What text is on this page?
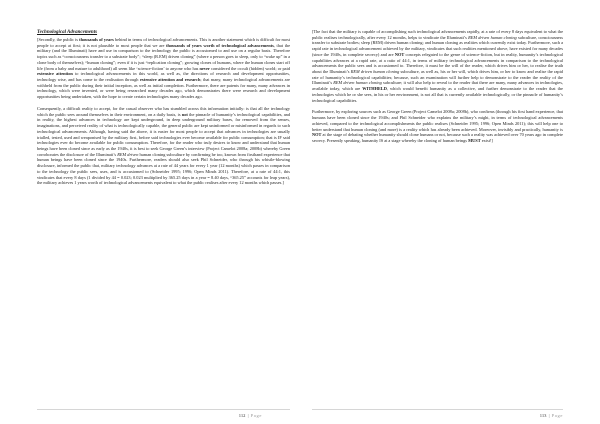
Technological Advancements

[Secondly, the public is thousands of years behind in terms of technological advancements. This is another statement which is difficult for most people to accept at first; it is not plausible to most people that we are thousands of years worth of technological advancements, that the military (and the Illuminati) have and use in comparison to the technology the public is accustomed to and use on a regular basis. Therefore topics such as “consciousness transfer to a substrate body”; “sleep (R.EM) driven cloning” (where a person goes to sleep, only to “wake up” in a clone body of themselves); “human cloning”; even if it is just “replication cloning”; growing clones of humans, where the human clones start off life (from a baby and mature to adulthood) all seem like ‘science-fiction’ to anyone who has never considered the occult (hidden) world; or paid extensive attention to technological advancements in this world, as well as, the directions of research and development opportunities, technology wise, and has come to the realisation through extensive attention and research; that many, many technological advancements are withheld from the public during their initial inception, as well as initial completion. Furthermore, there are patents for many, many advances in technology, which were invented, or were being researched many decades ago, which demonstrates there were research and development opportunities being undertaken, with the hope to create certain technologies many decades ago.

Consequently, a difficult reality to accept, for the casual observer who has stumbled across this information initially: is that all the technology which the public sees around themselves in their environment, on a daily basis, is not the pinnacle of humanity’s technological capabilities, and in reality, the highest advances in technology are kept underground, in deep underground military bases, far removed from the senses, imaginations, and perceived reality of what is technologically capable, the general public are kept uninformed or misinformed in regards to such technological advancements. Although, having said the above, it is easier for most people to accept that advances in technologies are usually trialled, tested, used and weaponised by the military first, before said technologies ever become available for public consumption; that is IF said technologies ever do become available for public consumption. Therefore, for the reader who truly desires to know and understand that human beings have been cloned since as early as the 1940s, it is best to seek George Green’s interview (Project Camelot 2008a; 2008b) whereby Green corroborates the disclosure of the Illuminati’s REM driven human cloning subculture by confirming he too, known from firsthand experience that human beings have been cloned since the 1940s. Furthermore, readers should also seek Phil Schneider, who through his whistle-blowing disclosure, informed the public that, military technology advances at a rate of 44 years for every 1 year (12 months) which passes in comparison to the technology the public sees, uses, and is accustomed to (Schneider 1995; 1996; Open Minds 2011). Therefore, at a rate of 44:1, this vindicates that every 8 days (1 divided by 44 = 0.023; 0.023 multiplied by 365.25 days in a year = 8.40 days, “365.25” accounts for leap years), the military achieves 1 years worth of technological advancements equivalent to what the public realises after every 12 months which passes.]

112 | Page

[The fact that the military is capable of accomplishing such technological advancements rapidly, at a rate of every 8 days equivalent to what the public realises technologically, after every 12 months, helps to vindicate the Illuminati’s REM driven human cloning subculture, consciousness transfer to substrate bodies; sleep (REM) driven human cloning; and human cloning as realities which currently exist today. Furthermore, such a rapid rate in technological advancement achieved by the military, vindicates that such realities mentioned above, have existed for many decades (since the 1940s, in complete secrecy) and are NOT concepts relegated to the genre of science-fiction, but in reality, humanity’s technological capabilities advances at a rapid rate, at a ratio of 44:1, in terms of military technological advancements in comparison to the technological advancements the public sees and is accustomed to. Therefore, it must be the will of the reader, which drives him or her, to realise the truth about the Illuminati’s REM driven human cloning subculture, as well as, his or her will, which drives him, or her to know and realise the rapid rate of humanity’s technological capabilities; because, such an examination will further help to demonstrate to the reader the reality of the Illuminati’s REM driven human cloning subculture; it will also help to reveal to the reader that there are many, many advances in technologies, available today, which are WITHHELD, which would benefit humanity as a collective, and further demonstrate to the reader that the technologies which he or she sees, in his or her environment, is not all that is currently available technologically, or the pinnacle of humanity’s technological capabilities.

Furthermore, by exploring sources such as George Green (Project Camelot 2008a; 2008b), who confirms (through his first hand experience, that humans have been cloned since the 1940s; and Phil Schneider who explains the military’s might, in terms of technological advancements achieved, compared to the technological accomplishments the public realises (Schneider 1995; 1996; Open Minds 2011); this will help one to better understand that human cloning (and more) is a reality which has already been achieved. Moreover, invisibly and practically, humanity is NOT at the stage of debating whether humanity should clone humans or not, because such a reality was achieved over 70 years ago in complete secrecy. Presently speaking, humanity IS at a stage whereby the cloning of human beings MUST exist!]

113 | Page
